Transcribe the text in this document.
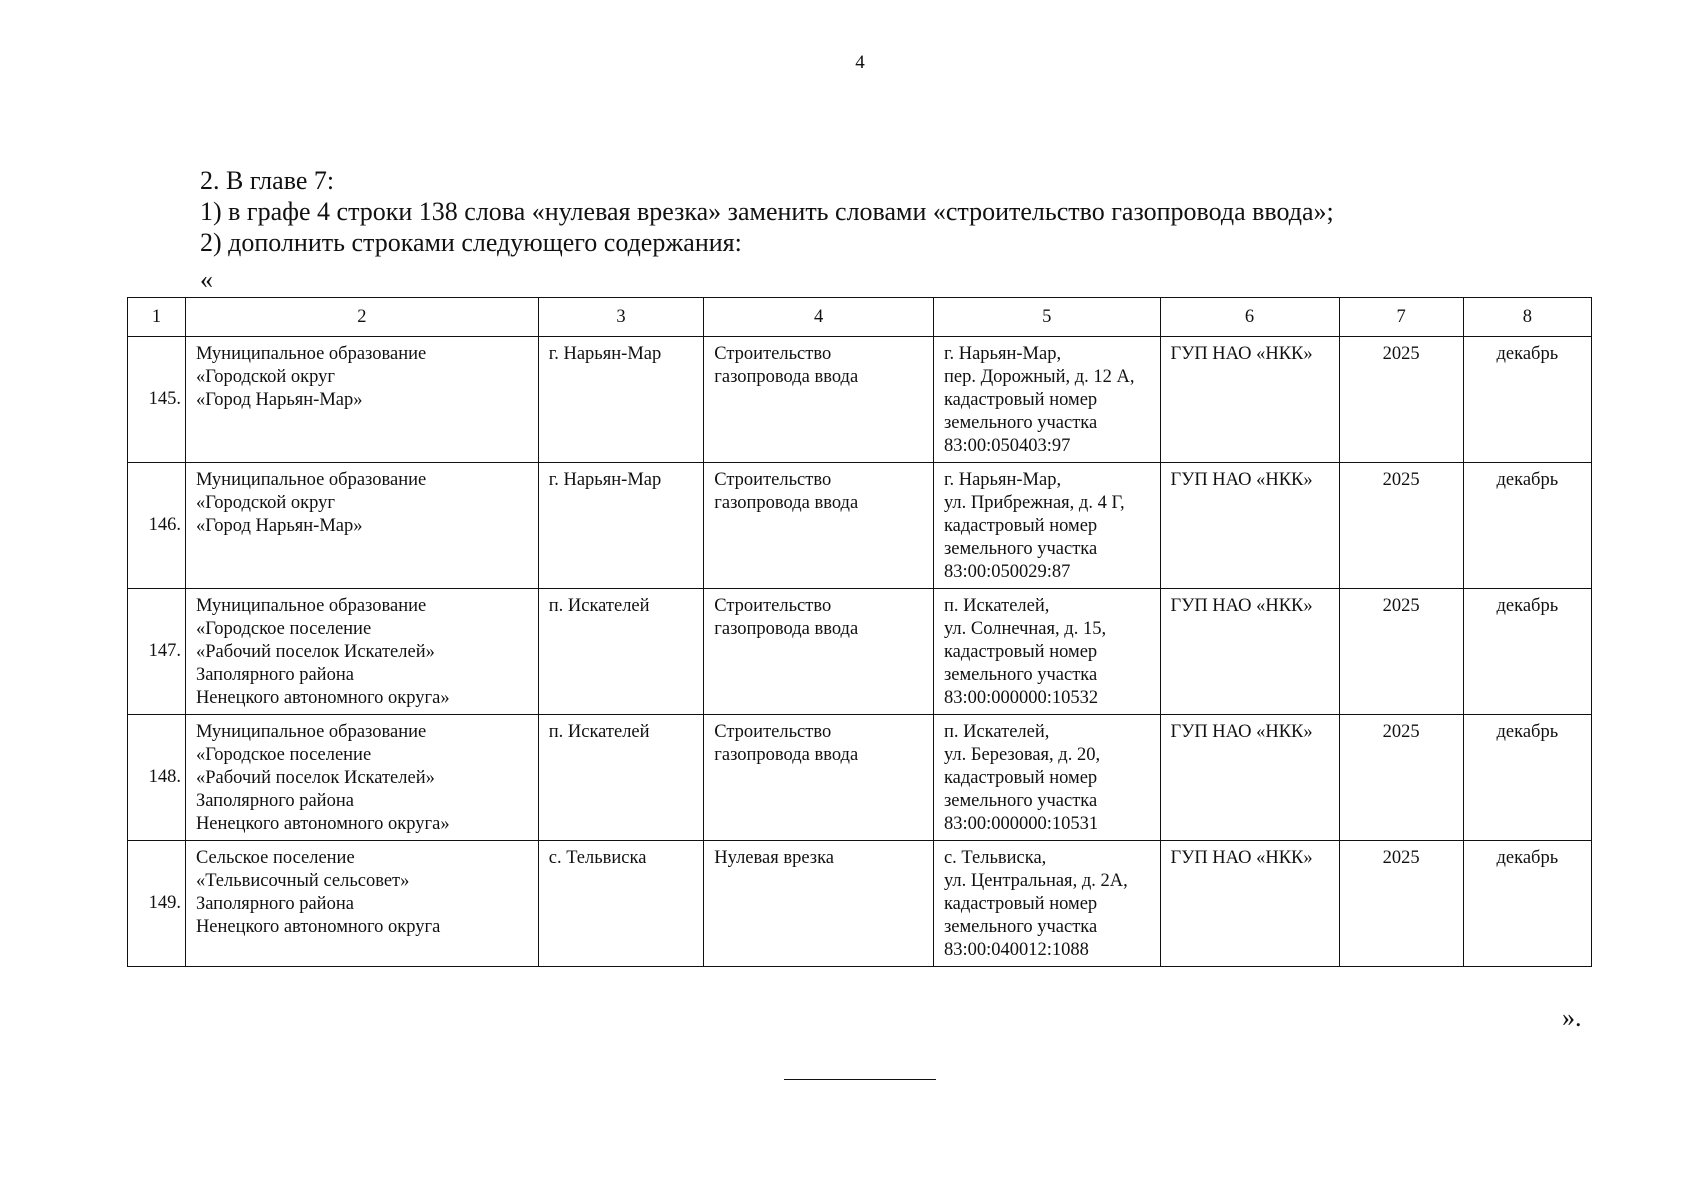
4
2. В главе 7:
1) в графе 4 строки 138 слова «нулевая врезка» заменить словами «строительство газопровода ввода»;
2) дополнить строками следующего содержания:
«
1	2	3	4	5	6	7	8
145.	Муниципальное образование
«Городской округ
«Город Нарьян-Мар»	г. Нарьян-Мар	Строительство
газопровода ввода	г. Нарьян-Мар,
пер. Дорожный, д. 12 А,
кадастровый номер
земельного участка
83:00:050403:97	ГУП НАО «НКК»	2025	декабрь
146.	Муниципальное образование
«Городской округ
«Город Нарьян-Мар»	г. Нарьян-Мар	Строительство
газопровода ввода	г. Нарьян-Мар,
ул. Прибрежная, д. 4 Г,
кадастровый номер
земельного участка
83:00:050029:87	ГУП НАО «НКК»	2025	декабрь
147.	Муниципальное образование
«Городское поселение
«Рабочий поселок Искателей»
Заполярного района
Ненецкого автономного округа»	п. Искателей	Строительство
газопровода ввода	п. Искателей,
ул. Солнечная, д. 15,
кадастровый номер
земельного участка
83:00:000000:10532	ГУП НАО «НКК»	2025	декабрь
148.	Муниципальное образование
«Городское поселение
«Рабочий поселок Искателей»
Заполярного района
Ненецкого автономного округа»	п. Искателей	Строительство
газопровода ввода	п. Искателей,
ул. Березовая, д. 20,
кадастровый номер
земельного участка
83:00:000000:10531	ГУП НАО «НКК»	2025	декабрь
149.	Сельское поселение
«Тельвисочный сельсовет»
Заполярного района
Ненецкого автономного округа	с. Тельвиска	Нулевая врезка	с. Тельвиска,
ул. Центральная, д. 2А,
кадастровый номер
земельного участка
83:00:040012:1088	ГУП НАО «НКК»	2025	декабрь
».
